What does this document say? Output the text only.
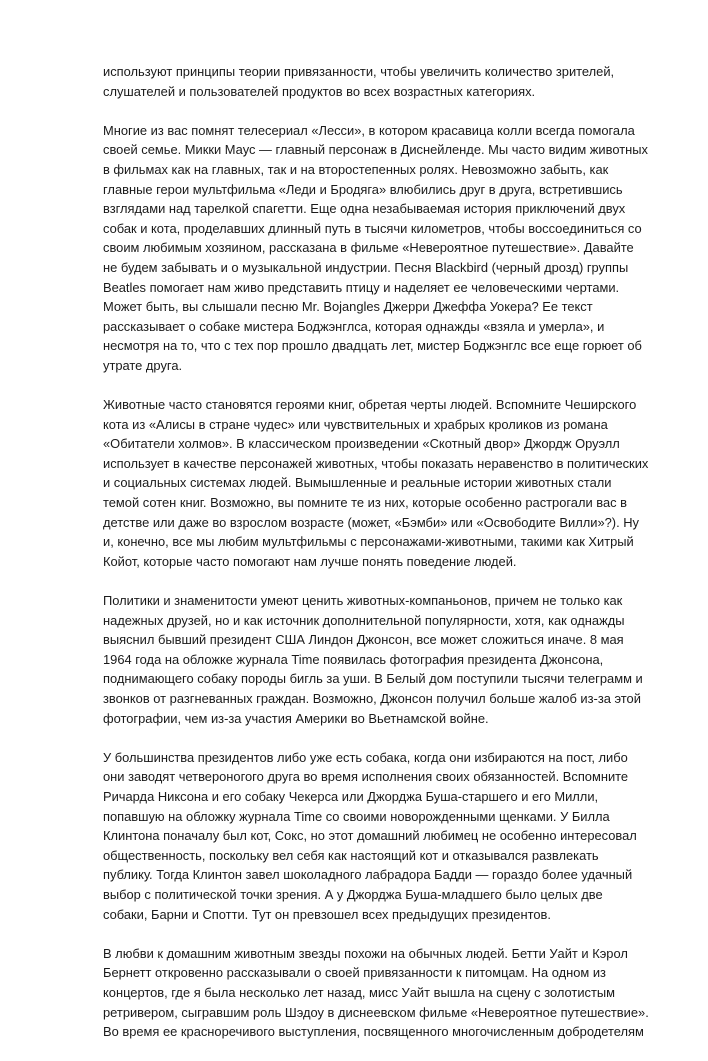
используют принципы теории привязанности, чтобы увеличить количество зрителей,
слушателей и пользователей продуктов во всех возрастных категориях.

Многие из вас помнят телесериал «Лесси», в котором красавица колли всегда помогала
своей семье. Микки Маус — главный персонаж в Диснейленде. Мы часто видим животных
в фильмах как на главных, так и на второстепенных ролях. Невозможно забыть, как
главные герои мультфильма «Леди и Бродяга» влюбились друг в друга, встретившись
взглядами над тарелкой спагетти. Еще одна незабываемая история приключений двух
собак и кота, проделавших длинный путь в тысячи километров, чтобы воссоединиться со
своим любимым хозяином, рассказана в фильме «Невероятное путешествие». Давайте
не будем забывать и о музыкальной индустрии. Песня Blackbird (черный дрозд) группы
Beatles помогает нам живо представить птицу и наделяет ее человеческими чертами.
Может быть, вы слышали песню Mr. Bojangles Джерри Джеффа Уокера? Ее текст
рассказывает о собаке мистера Боджэнглса, которая однажды «взяла и умерла», и
несмотря на то, что с тех пор прошло двадцать лет, мистер Боджэнглс все еще горюет об
утрате друга.

Животные часто становятся героями книг, обретая черты людей. Вспомните Чеширского
кота из «Алисы в стране чудес» или чувствительных и храбрых кроликов из романа
«Обитатели холмов». В классическом произведении «Скотный двор» Джордж Оруэлл
использует в качестве персонажей животных, чтобы показать неравенство в политических
и социальных системах людей. Вымышленные и реальные истории животных стали
темой сотен книг. Возможно, вы помните те из них, которые особенно растрогали вас в
детстве или даже во взрослом возрасте (может, «Бэмби» или «Освободите Вилли»?). Ну
и, конечно, все мы любим мультфильмы с персонажами-животными, такими как Хитрый
Койот, которые часто помогают нам лучше понять поведение людей.

Политики и знаменитости умеют ценить животных-компаньонов, причем не только как
надежных друзей, но и как источник дополнительной популярности, хотя, как однажды
выяснил бывший президент США Линдон Джонсон, все может сложиться иначе. 8 мая
1964 года на обложке журнала Time появилась фотография президента Джонсона,
поднимающего собаку породы бигль за уши. В Белый дом поступили тысячи телеграмм и
звонков от разгневанных граждан. Возможно, Джонсон получил больше жалоб из-за этой
фотографии, чем из-за участия Америки во Вьетнамской войне.

У большинства президентов либо уже есть собака, когда они избираются на пост, либо
они заводят четвероногого друга во время исполнения своих обязанностей. Вспомните
Ричарда Никсона и его собаку Чекерса или Джорджа Буша-старшего и его Милли,
попавшую на обложку журнала Time со своими новорожденными щенками. У Билла
Клинтона поначалу был кот, Сокс, но этот домашний любимец не особенно интересовал
общественность, поскольку вел себя как настоящий кот и отказывался развлекать
публику. Тогда Клинтон завел шоколадного лабрадора Бадди — гораздо более удачный
выбор с политической точки зрения. А у Джорджа Буша-младшего было целых две
собаки, Барни и Спотти. Тут он превзошел всех предыдущих президентов.

В любви к домашним животным звезды похожи на обычных людей. Бетти Уайт и Кэрол
Бернетт откровенно рассказывали о своей привязанности к питомцам. На одном из
концертов, где я была несколько лет назад, мисс Уайт вышла на сцену с золотистым
ретривером, сыгравшим роль Шэдоу в диснеевском фильме «Невероятное путешествие».
Во время ее красноречивого выступления, посвященного многочисленным добродетелям
